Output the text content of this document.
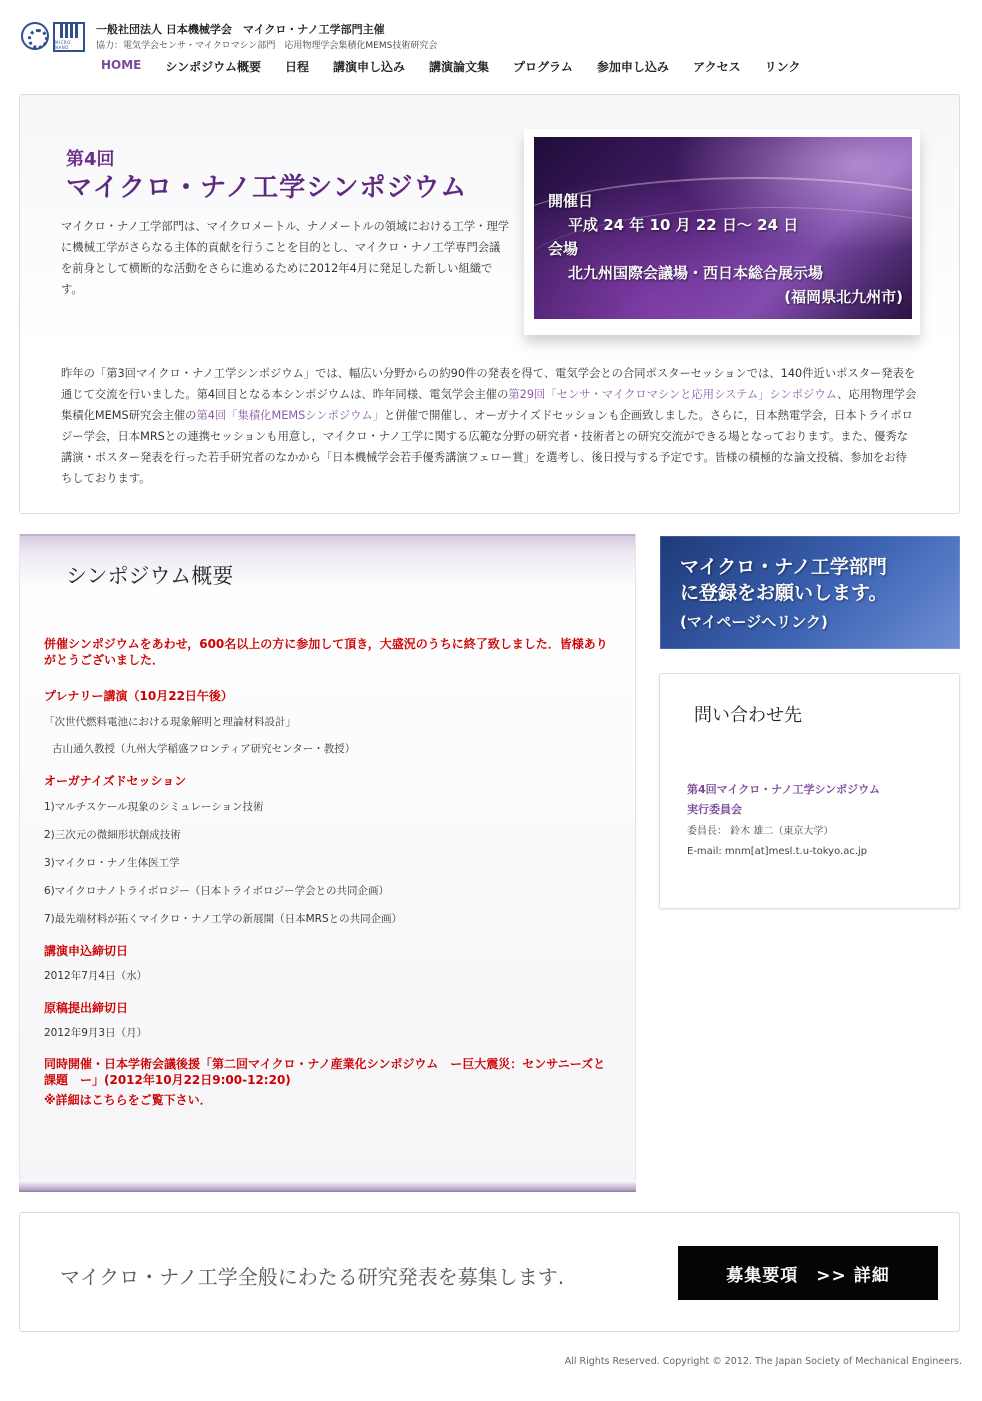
MICRO NANO
一般社団法人 日本機械学会　マイクロ・ナノ工学部門主催
協力：電気学会センサ・マイクロマシン部門　応用物理学会集積化MEMS技術研究会
HOME シンポジウム概要 日程 講演申し込み 講演論文集 プログラム 参加申し込み アクセス リンク
第4回
マイクロ・ナノ工学シンポジウム

マイクロ・ナノ工学部門は、マイクロメートル、ナノメートルの領域における工学・理学に機械工学がさらなる主体的貢献を行うことを目的とし、マイクロ・ナノ工学専門会議を前身として横断的な活動をさらに進めるために2012年4月に発足した新しい組織です。

開催日
平成 24 年 10 月 22 日～ 24 日
会場
北九州国際会議場・西日本総合展示場
(福岡県北九州市)

昨年の「第3回マイクロ・ナノ工学シンポジウム」では、幅広い分野からの約90件の発表を得て、電気学会との合同ポスターセッションでは、140件近いポスター発表を通じて交流を行いました。第4回目となる本シンポジウムは、昨年同様、電気学会主催の第29回「センサ・マイクロマシンと応用システム」シンポジウム、応用物理学会集積化MEMS研究会主催の第4回「集積化MEMSシンポジウム」と併催で開催し、オーガナイズドセッションも企画致しました。さらに，日本熱電学会，日本トライボロジー学会，日本MRSとの連携セッションも用意し，マイクロ・ナノ工学に関する広範な分野の研究者・技術者との研究交流ができる場となっております。また、優秀な講演・ポスター発表を行った若手研究者のなかから「日本機械学会若手優秀講演フェロー賞」を選考し、後日授与する予定です。皆様の積極的な論文投稿、参加をお待ちしております。

シンポジウム概要
併催シンポジウムをあわせ，600名以上の方に参加して頂き，大盛況のうちに終了致しました．皆様ありがとうございました．
プレナリー講演（10月22日午後）
「次世代燃料電池における現象解明と理論材料設計」
古山通久教授（九州大学稲盛フロンティア研究センター・教授）
オーガナイズドセッション
1)マルチスケール現象のシミュレーション技術
2)三次元の微細形状創成技術
3)マイクロ・ナノ生体医工学
6)マイクロナノトライボロジー（日本トライボロジー学会との共同企画）
7)最先端材料が拓くマイクロ・ナノ工学の新展開（日本MRSとの共同企画）
講演申込締切日
2012年7月4日（水）
原稿提出締切日
2012年9月3日（月）
同時開催・日本学術会議後援「第二回マイクロ・ナノ産業化シンポジウム　ー巨大震災：センサニーズと課題　ー」(2012年10月22日9:00-12:20)
※詳細はこちらをご覧下さい．
マイクロ・ナノ工学部門
に登録をお願いします。
(マイページへリンク)
問い合わせ先
第4回マイクロ・ナノ工学シンポジウム
実行委員会
委員長： 鈴木 雄二（東京大学）
E-mail: mnm[at]mesl.t.u-tokyo.ac.jp
マイクロ・ナノ工学全般にわたる研究発表を募集します.	募集要項　>> 詳細
All Rights Reserved. Copyright © 2012. The Japan Society of Mechanical Engineers.
